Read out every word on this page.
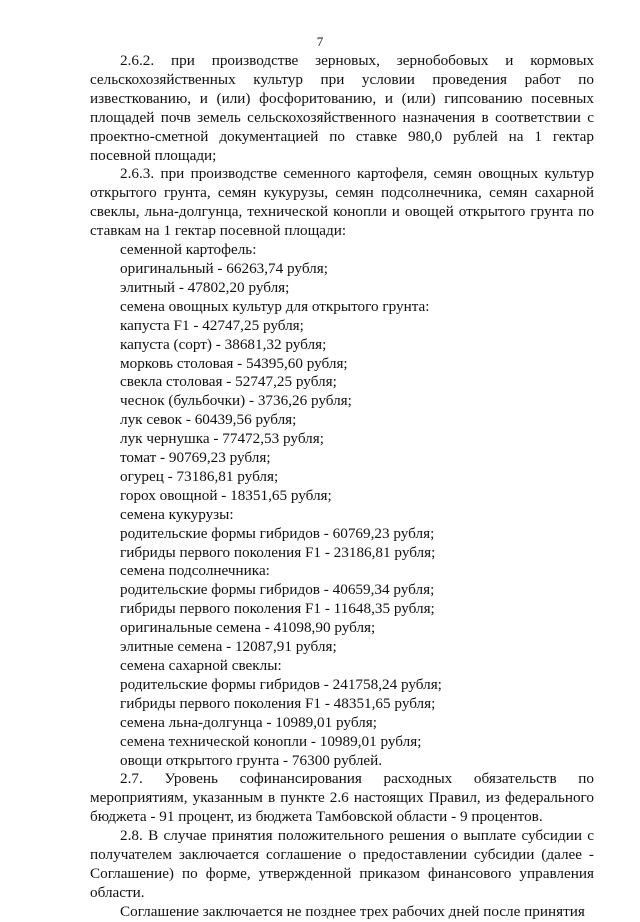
7

2.6.2. при производстве зерновых, зернобобовых и кормовых сельскохозяйственных культур при условии проведения работ по известкованию, и (или) фосфоритованию, и (или) гипсованию посевных площадей почв земель сельскохозяйственного назначения в соответствии с проектно-сметной документацией по ставке 980,0 рублей на 1 гектар посевной площади;

2.6.3. при производстве семенного картофеля, семян овощных культур открытого грунта, семян кукурузы, семян подсолнечника, семян сахарной свеклы, льна-долгунца, технической конопли и овощей открытого грунта по ставкам на 1 гектар посевной площади:

семенной картофель:

оригинальный - 66263,74 рубля;

элитный - 47802,20 рубля;

семена овощных культур для открытого грунта:

капуста F1 - 42747,25 рубля;

капуста (сорт) - 38681,32 рубля;

морковь столовая - 54395,60 рубля;

свекла столовая - 52747,25 рубля;

чеснок (бульбочки) - 3736,26 рубля;

лук севок - 60439,56 рубля;

лук чернушка - 77472,53 рубля;

томат - 90769,23 рубля;

огурец - 73186,81 рубля;

горох овощной - 18351,65 рубля;

семена кукурузы:

родительские формы гибридов - 60769,23 рубля;

гибриды первого поколения F1 - 23186,81 рубля;

семена подсолнечника:

родительские формы гибридов - 40659,34 рубля;

гибриды первого поколения F1 - 11648,35 рубля;

оригинальные семена - 41098,90 рубля;

элитные семена - 12087,91 рубля;

семена сахарной свеклы:

родительские формы гибридов - 241758,24 рубля;

гибриды первого поколения F1 - 48351,65 рубля;

семена льна-долгунца - 10989,01 рубля;

семена технической конопли - 10989,01 рубля;

овощи открытого грунта - 76300 рублей.

2.7. Уровень софинансирования расходных обязательств по мероприятиям, указанным в пункте 2.6 настоящих Правил, из федерального бюджета - 91 процент, из бюджета Тамбовской области - 9 процентов.

2.8. В случае принятия положительного решения о выплате субсидии с получателем заключается соглашение о предоставлении субсидии (далее - Соглашение) по форме, утвержденной приказом финансового управления области.

Соглашение заключается не позднее трех рабочих дней после принятия
